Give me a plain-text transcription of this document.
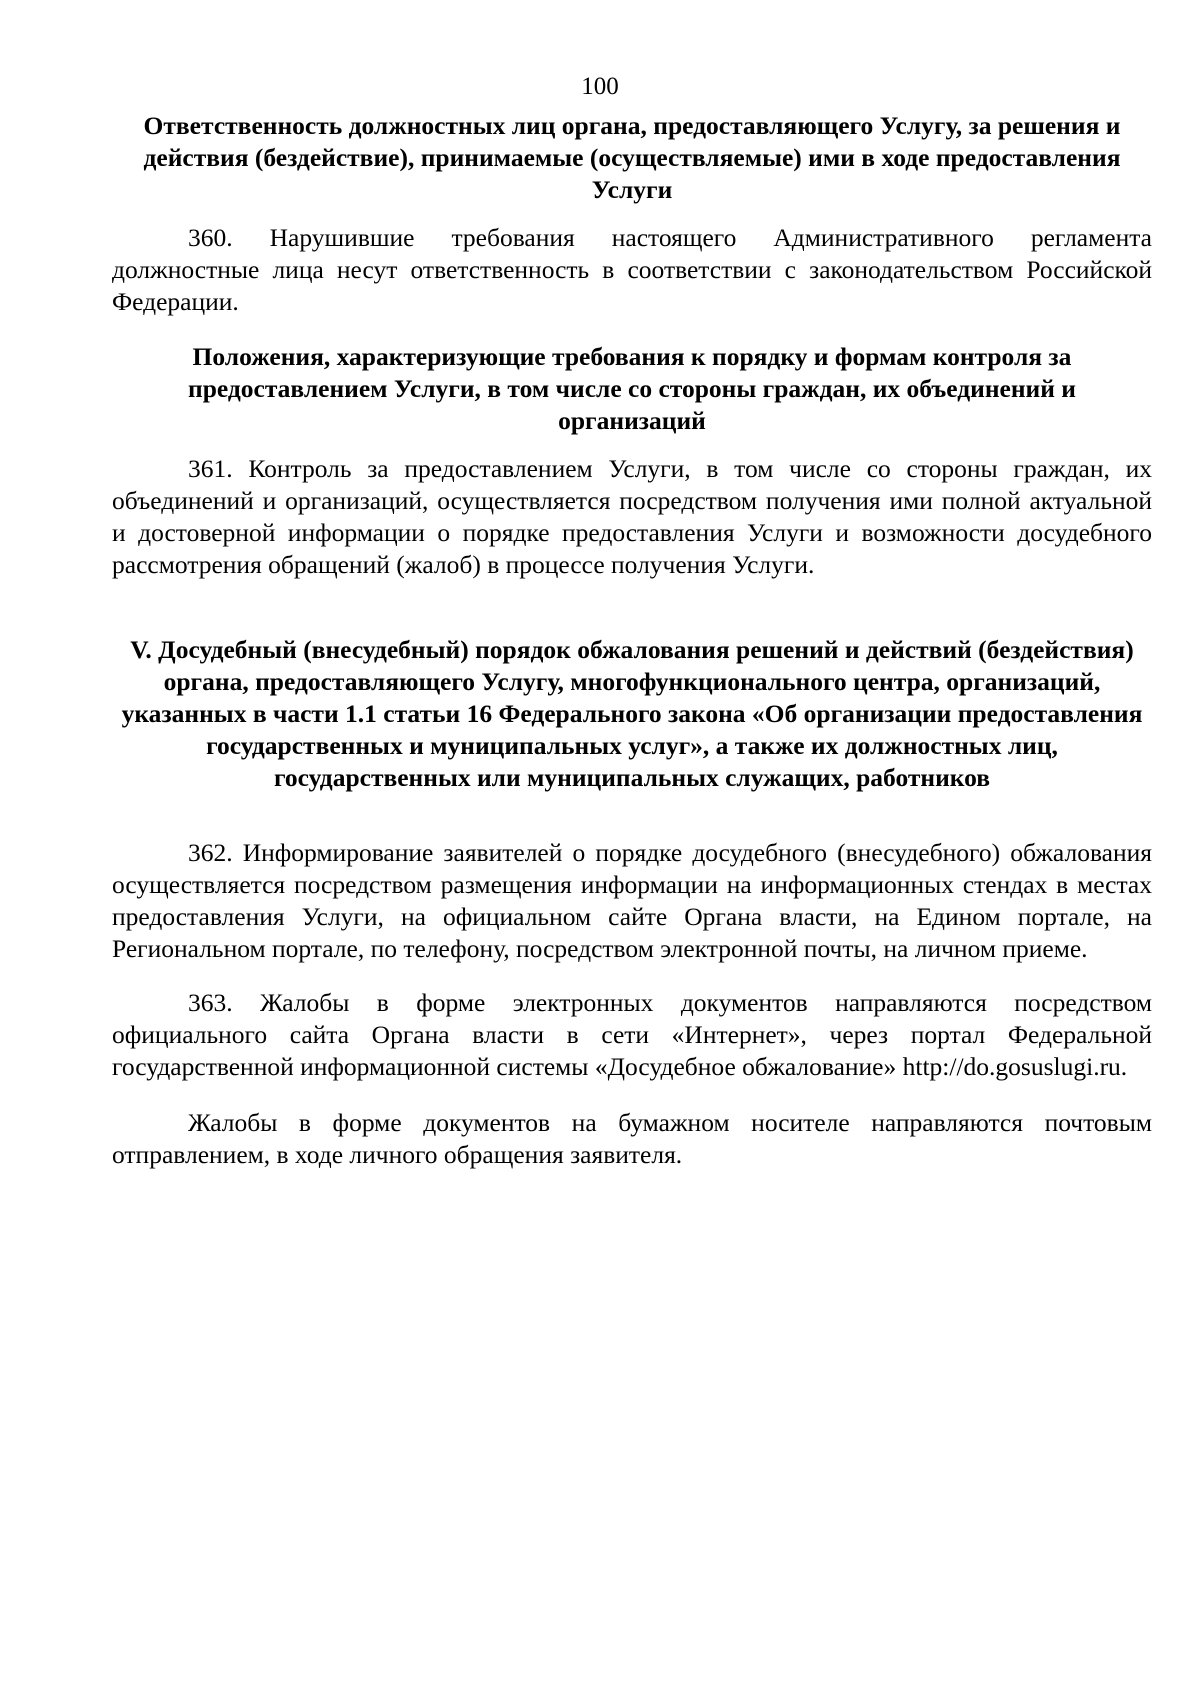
100
Ответственность должностных лиц органа, предоставляющего Услугу, за решения и действия (бездействие), принимаемые (осуществляемые) ими в ходе предоставления Услуги

360. Нарушившие требования настоящего Административного регламента должностные лица несут ответственность в соответствии с законодательством Российской Федерации.

Положения, характеризующие требования к порядку и формам контроля за предоставлением Услуги, в том числе со стороны граждан, их объединений и организаций

361. Контроль за предоставлением Услуги, в том числе со стороны граждан, их объединений и организаций, осуществляется посредством получения ими полной актуальной и достоверной информации о порядке предоставления Услуги и возможности досудебного рассмотрения обращений (жалоб) в процессе получения Услуги.

V. Досудебный (внесудебный) порядок обжалования решений и действий (бездействия) органа, предоставляющего Услугу, многофункционального центра, организаций, указанных в части 1.1 статьи 16 Федерального закона «Об организации предоставления государственных и муниципальных услуг», а также их должностных лиц, государственных или муниципальных служащих, работников

362. Информирование заявителей о порядке досудебного (внесудебного) обжалования осуществляется посредством размещения информации на информационных стендах в местах предоставления Услуги, на официальном сайте Органа власти, на Едином портале, на Региональном портале, по телефону, посредством электронной почты, на личном приеме.

363. Жалобы в форме электронных документов направляются посредством официального сайта Органа власти в сети «Интернет», через портал Федеральной государственной информационной системы «Досудебное обжалование» http://do.gosuslugi.ru.

Жалобы в форме документов на бумажном носителе направляются почтовым отправлением, в ходе личного обращения заявителя.
